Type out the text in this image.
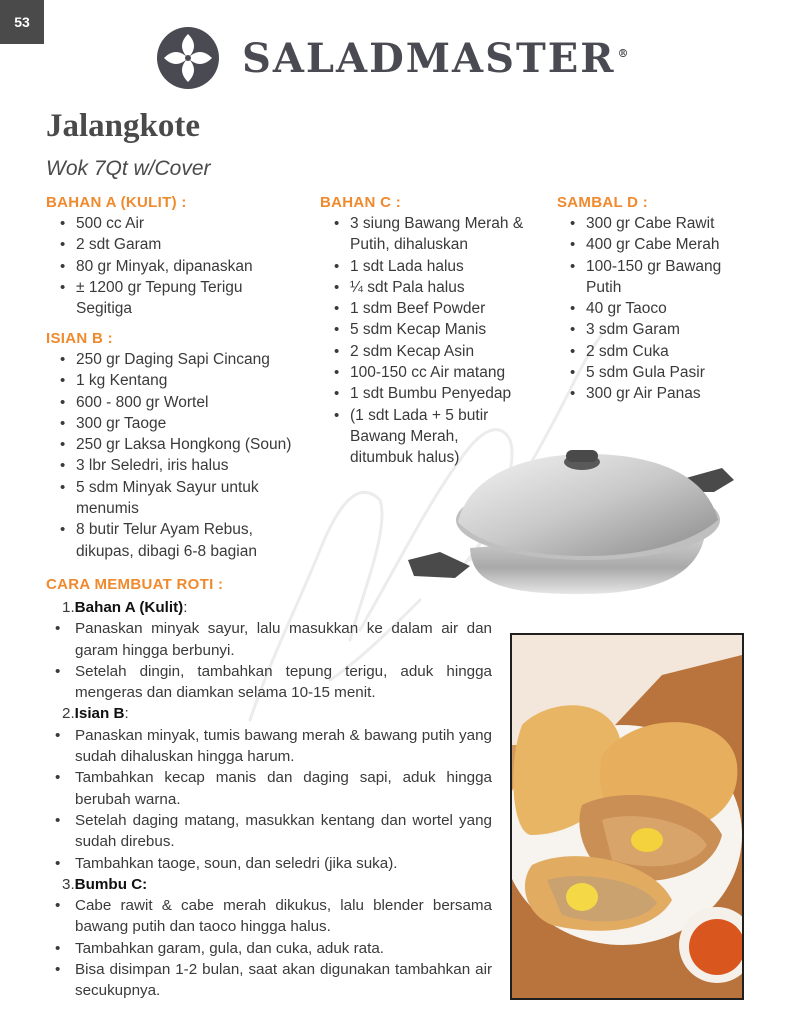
53
SALADMASTER ®
Jalangkote
Wok 7Qt w/Cover
BAHAN A (KULIT) :
• 500 cc Air
• 2 sdt Garam
• 80 gr Minyak, dipanaskan
• ± 1200 gr Tepung Terigu Segitiga
ISIAN B :
• 250 gr Daging Sapi Cincang
• 1 kg Kentang
• 600 - 800 gr Wortel
• 300 gr Taoge
• 250 gr Laksa Hongkong (Soun)
• 3 lbr Seledri, iris halus
• 5 sdm Minyak Sayur untuk menumis
• 8 butir Telur Ayam Rebus, dikupas, dibagi 6-8 bagian
BAHAN C :
• 3 siung Bawang Merah & Putih, dihaluskan
• 1 sdt Lada halus
• ¼ sdt Pala halus
• 1 sdm Beef Powder
• 5 sdm Kecap Manis
• 2 sdm Kecap Asin
• 100-150 cc Air matang
• 1 sdt Bumbu Penyedap
• (1 sdt Lada + 5 butir Bawang Merah, ditumbuk halus)
SAMBAL D :
• 300 gr Cabe Rawit
• 400 gr Cabe Merah
• 100-150 gr Bawang Putih
• 40 gr Taoco
• 3 sdm Garam
• 2 sdm Cuka
• 5 sdm Gula Pasir
• 300 gr Air Panas
CARA MEMBUAT ROTI :
1.Bahan A (Kulit):
• Panaskan minyak sayur, lalu masukkan ke dalam air dan garam hingga berbunyi.
• Setelah dingin, tambahkan tepung terigu, aduk hingga mengeras dan diamkan selama 10-15 menit.
2.Isian B:
• Panaskan minyak, tumis bawang merah & bawang putih yang sudah dihaluskan hingga harum.
• Tambahkan kecap manis dan daging sapi, aduk hingga berubah warna.
• Setelah daging matang, masukkan kentang dan wortel yang sudah direbus.
• Tambahkan taoge, soun, dan seledri (jika suka).
3.Bumbu C:
• Cabe rawit & cabe merah dikukus, lalu blender bersama bawang putih dan taoco hingga halus.
• Tambahkan garam, gula, dan cuka, aduk rata.
• Bisa disimpan 1-2 bulan, saat akan digunakan tambahkan air secukupnya.
